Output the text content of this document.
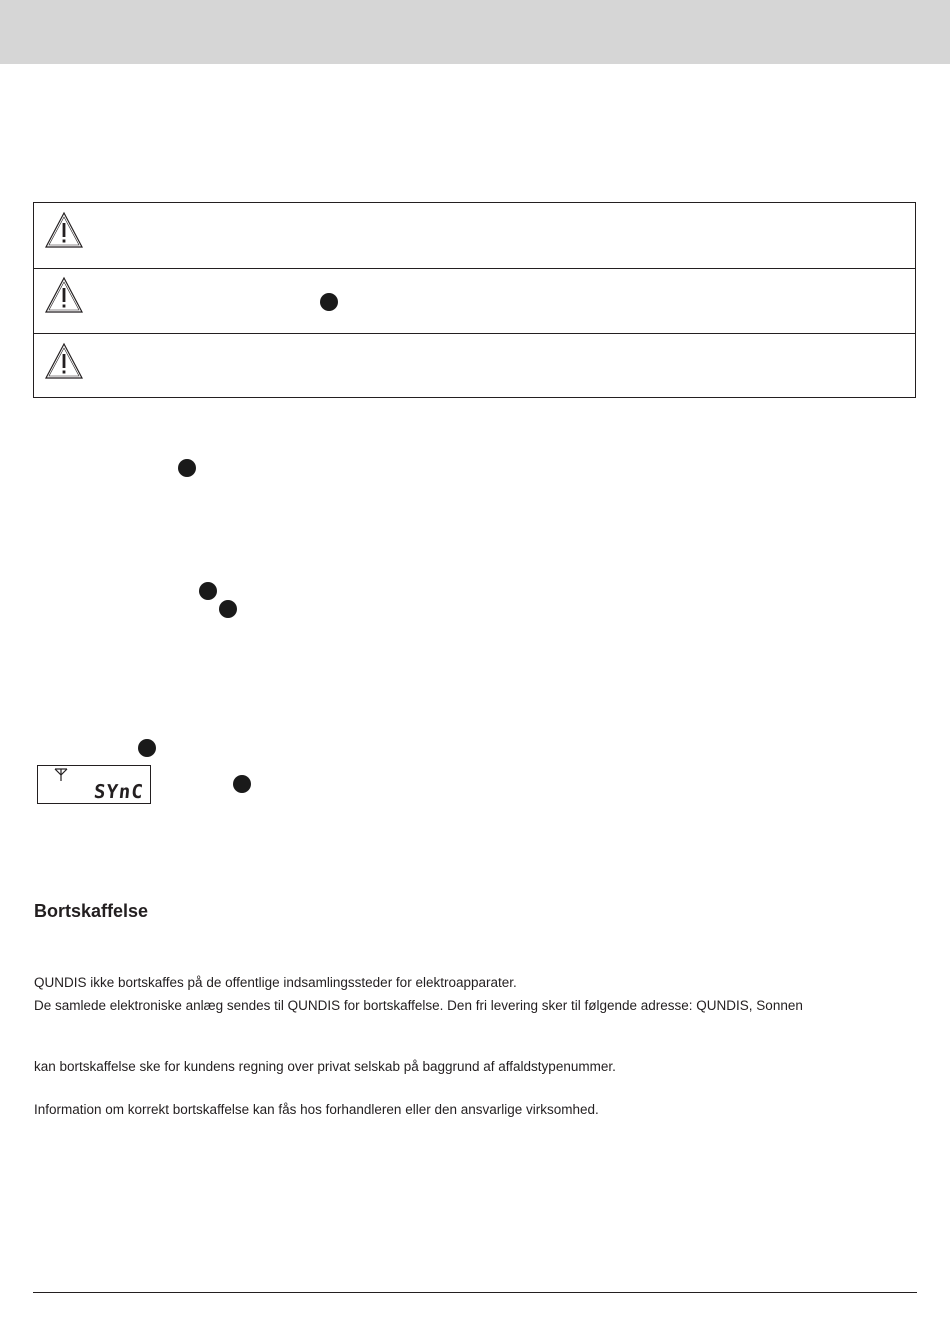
SYnC
Bortskaffelse

QUNDIS ikke bortskaffes på de offentlige indsamlingssteder for elektroapparater.

De samlede elektroniske anlæg sendes til QUNDIS for bortskaffelse. Den fri levering sker til følgende adresse: QUNDIS, Sonnen

kan bortskaffelse ske for kundens regning over privat selskab på baggrund af affaldstypenummer.

Information om korrekt bortskaffelse kan fås hos forhandleren eller den ansvarlige virksomhed.
